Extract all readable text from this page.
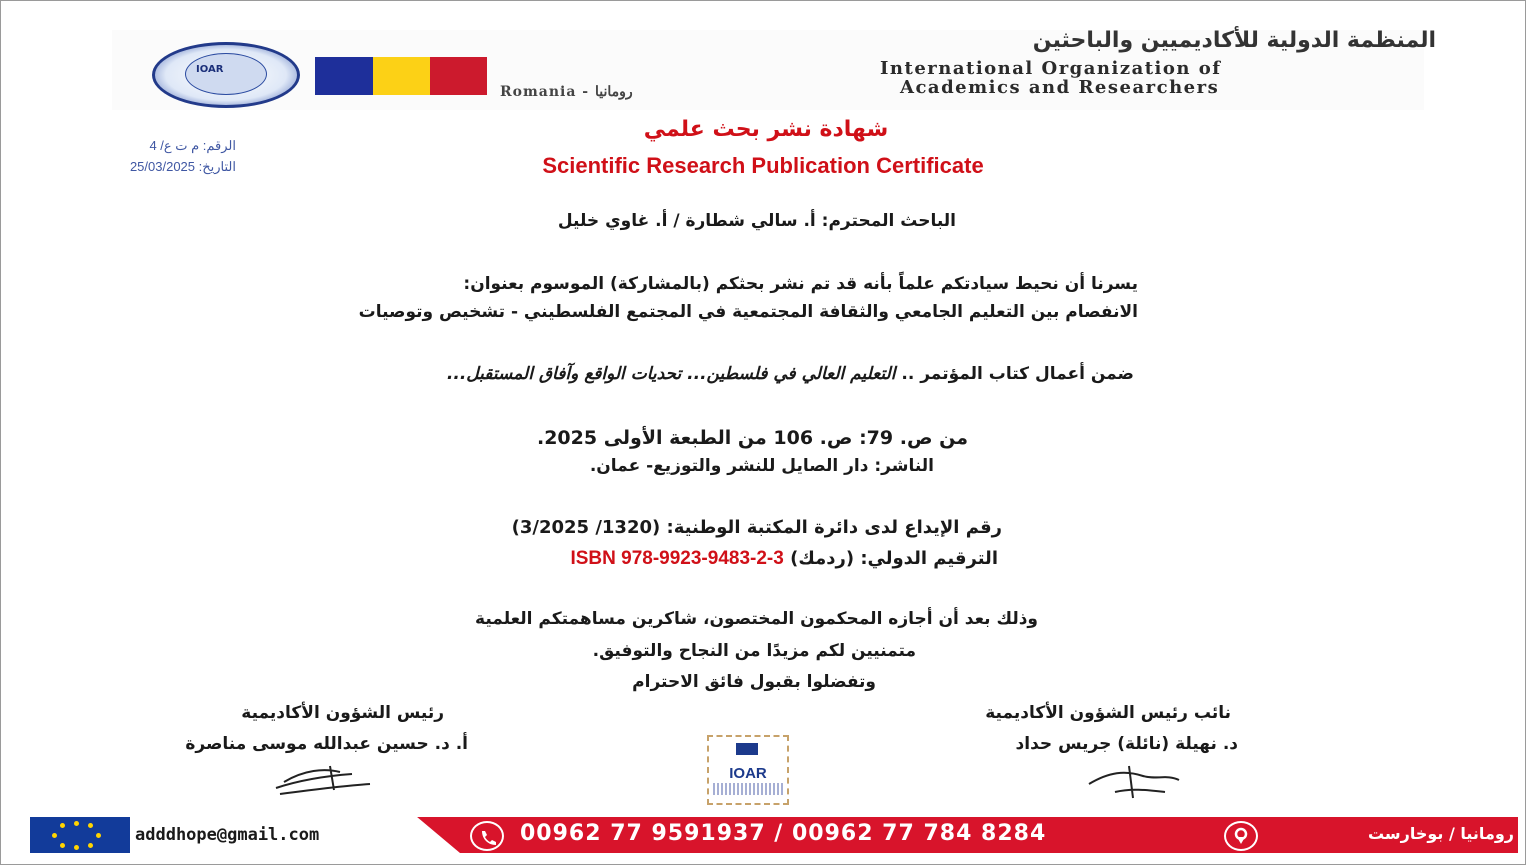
IOAR
Romania - رومانيا
المنظمة الدولية للأكاديميين والباحثين
International Organization of
Academics and Researchers
الرقم: م ت ع/ 4
التاريخ: 25/03/2025
شهادة نشر بحث علمي
Scientific Research Publication Certificate
الباحث المحترم: أ. سالي شطارة / أ. غاوي خليل
يسرنا أن نحيط سيادتكم علماً بأنه قد تم نشر بحثكم (بالمشاركة) الموسوم بعنوان:
الانفصام بين التعليم الجامعي والثقافة المجتمعية في المجتمع الفلسطيني - تشخيص وتوصيات
ضمن أعمال كتاب المؤتمر .. التعليم العالي في فلسطين... تحديات الواقع وآفاق المستقبل...
من ص. 79: ص. 106 من الطبعة الأولى 2025.
الناشر: دار الصايل للنشر والتوزيع- عمان.
رقم الإيداع لدى دائرة المكتبة الوطنية: (1320/ 3/2025)
ISBN 978-9923-9483-2-3 الترقيم الدولي: (ردمك)
وذلك بعد أن أجازه المحكمون المختصون، شاكرين مساهمتكم العلمية
متمنيين لكم مزيدًا من النجاح والتوفيق.
وتفضلوا بقبول فائق الاحترام
رئيس الشؤون الأكاديمية
أ. د. حسين عبدالله موسى مناصرة
نائب رئيس الشؤون الأكاديمية
د. نهيلة (نائلة) جريس حداد
IOAR
adddhope@gmail.com	00962 77 9591937 / 00962 77 784 8284	رومانيا / بوخارست
